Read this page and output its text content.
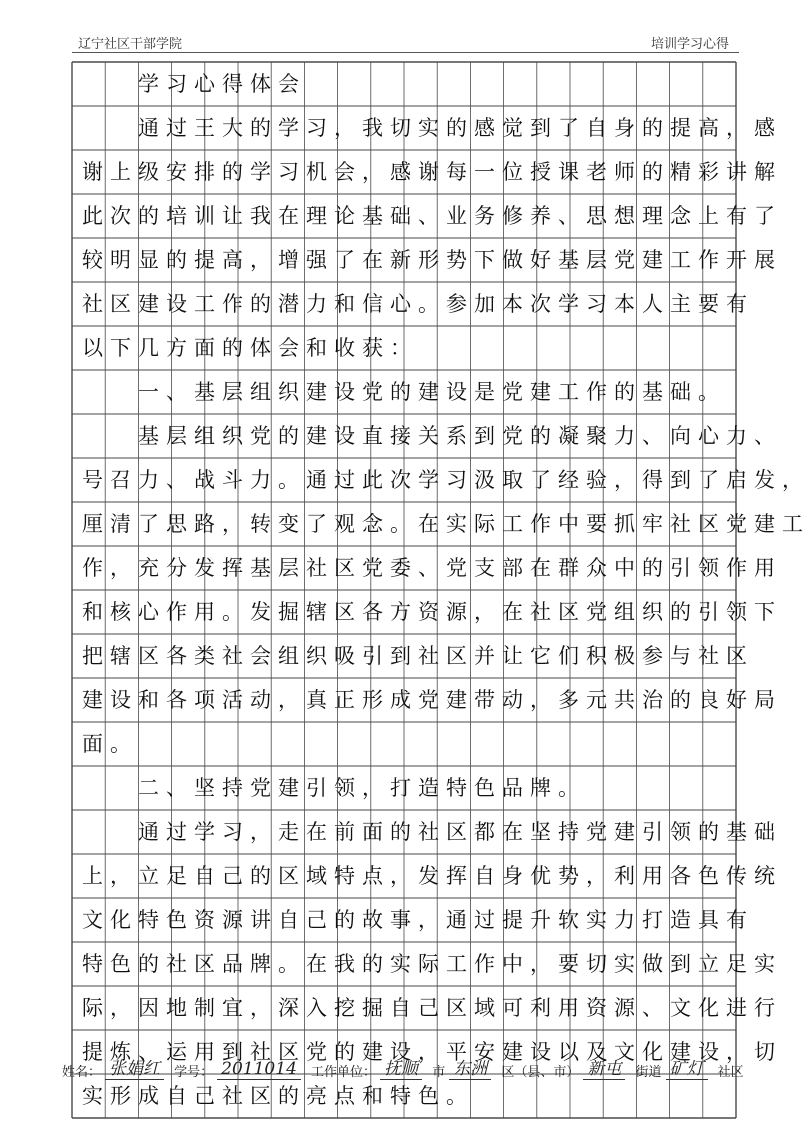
辽宁社区干部学院	培训学习心得
　　学习心得体会
　　通过王大的学习，我切实的感觉到了自身的提高，感
谢上级安排的学习机会，感谢每一位授课老师的精彩讲解
此次的培训让我在理论基础、业务修养、思想理念上有了
较明显的提高，增强了在新形势下做好基层党建工作开展
社区建设工作的潜力和信心。参加本次学习本人主要有
以下几方面的体会和收获：
　　一、基层组织建设党的建设是党建工作的基础。
　　基层组织党的建设直接关系到党的凝聚力、向心力、
号召力、战斗力。通过此次学习汲取了经验，得到了启发，
厘清了思路，转变了观念。在实际工作中要抓牢社区党建工
作，充分发挥基层社区党委、党支部在群众中的引领作用
和核心作用。发掘辖区各方资源，在社区党组织的引领下
把辖区各类社会组织吸引到社区并让它们积极参与社区
建设和各项活动，真正形成党建带动，多元共治的良好局
面。
　　二、坚持党建引领，打造特色品牌。
　　通过学习，走在前面的社区都在坚持党建引领的基础
上，立足自己的区域特点，发挥自身优势，利用各色传统
文化特色资源讲自己的故事，通过提升软实力打造具有
特色的社区品牌。在我的实际工作中，要切实做到立足实
际，因地制宜，深入挖掘自己区域可利用资源、文化进行
提炼、运用到社区党的建设，平安建设以及文化建设，切
实形成自己社区的亮点和特色。
姓名： 张娟红 学号： 2011014 工作单位： 抚顺 市 东洲 区（县、市） 新屯 街道 矿灯 社区
